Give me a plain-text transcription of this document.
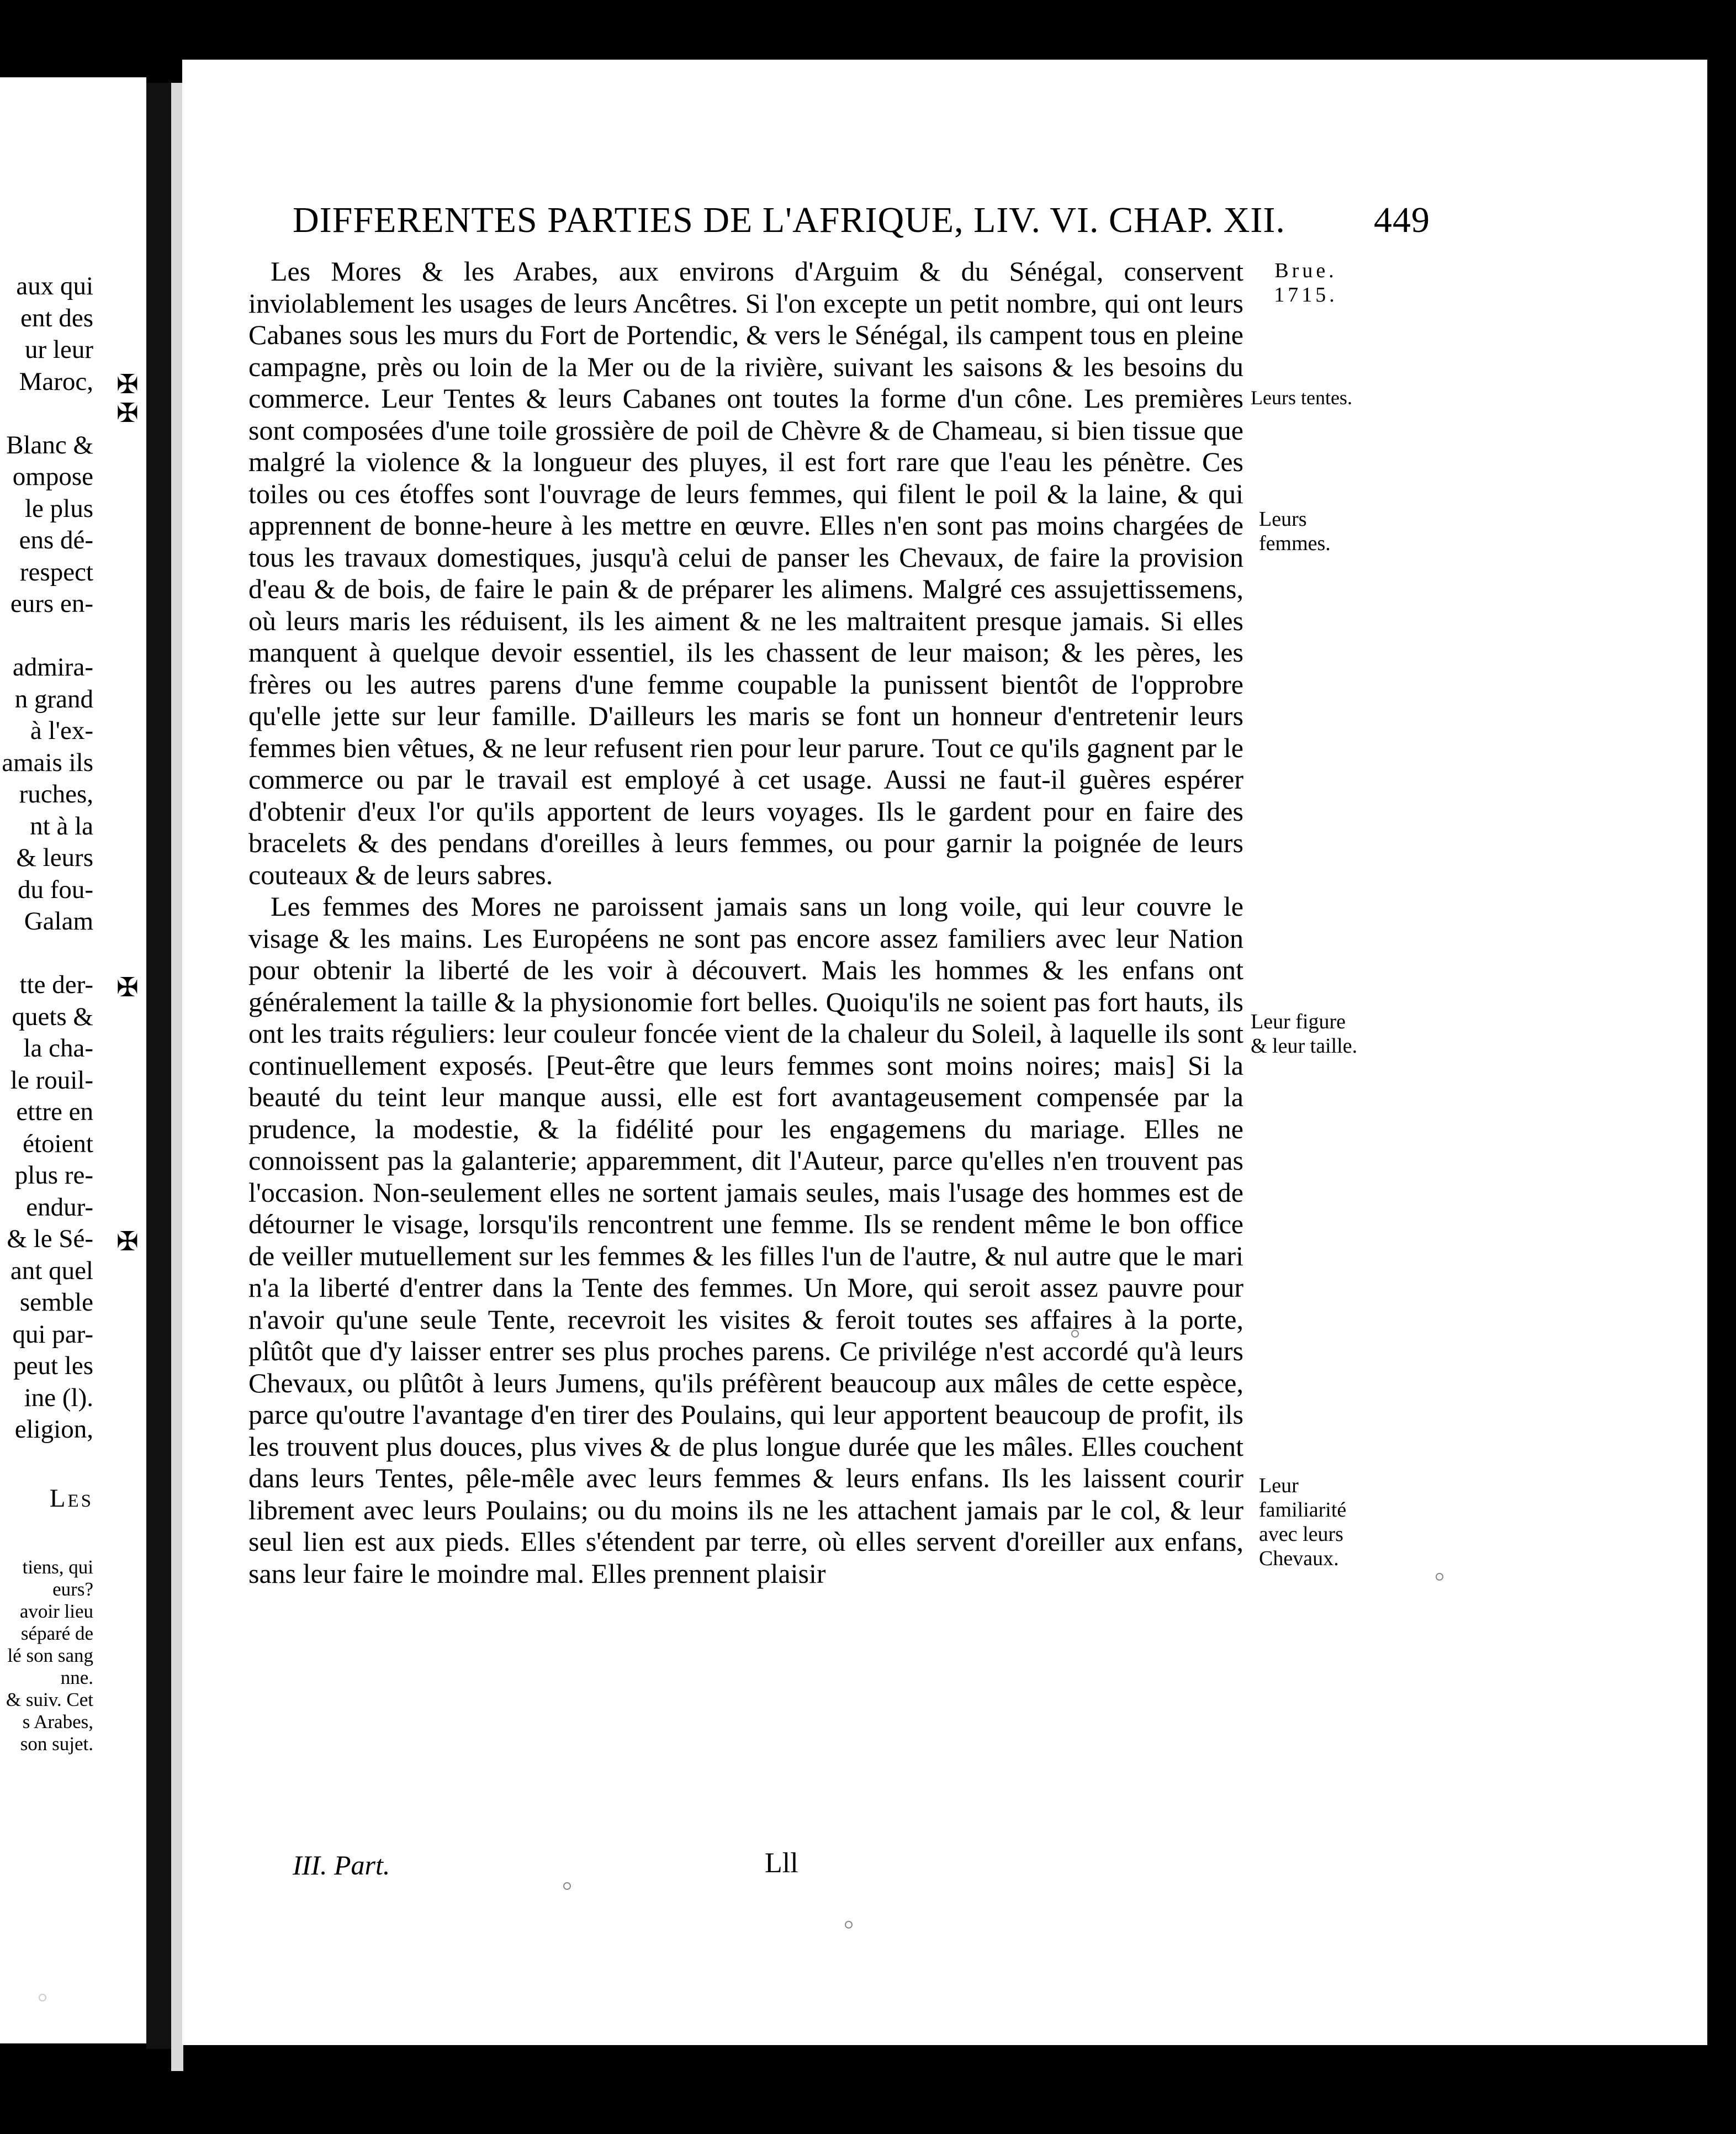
aux qui
ent des
ur leur
Maroc, ✠
✠
Blanc &
ompose
le plus
ens dé-
respect
eurs en-
admira-
n grand
à l'ex-
amais ils
ruches,
nt à la
& leurs
du fou-
Galam
tte der- ✠
quets &
la cha-
le rouil-
ettre en
étoient
plus re-
endur-
& le Sé- ✠
ant quel
semble
qui par-
peut les
ine (l).
eligion,
Les
tiens, qui
eurs?
avoir lieu
séparé de
lé son sang
nne.
& suiv. Cet
s Arabes,
son sujet.
DIFFERENTES PARTIES DE L'AFRIQUE, LIV. VI. CHAP. XII. 449
Brue.
1715.
Leurs tentes.
Leurs femmes.
Leur figure & leur taille.
Leur familiarité avec leurs Chevaux.

Les Mores & les Arabes, aux environs d'Arguim & du Sénégal, conservent inviolablement les usages de leurs Ancêtres. Si l'on excepte un petit nombre, qui ont leurs Cabanes sous les murs du Fort de Portendic, & vers le Sénégal, ils campent tous en pleine campagne, près ou loin de la Mer ou de la rivière, suivant les saisons & les besoins du commerce. Leur Tentes & leurs Cabanes ont toutes la forme d'un cône. Les premières sont composées d'une toile grossière de poil de Chèvre & de Chameau, si bien tissue que malgré la violence & la longueur des pluyes, il est fort rare que l'eau les pénètre. Ces toiles ou ces étoffes sont l'ouvrage de leurs femmes, qui filent le poil & la laine, & qui apprennent de bonne-heure à les mettre en œuvre. Elles n'en sont pas moins chargées de tous les travaux domestiques, jusqu'à celui de panser les Chevaux, de faire la provision d'eau & de bois, de faire le pain & de préparer les alimens. Malgré ces assujettissemens, où leurs maris les réduisent, ils les aiment & ne les maltraitent presque jamais. Si elles manquent à quelque devoir essentiel, ils les chassent de leur maison; & les pères, les frères ou les autres parens d'une femme coupable la punissent bientôt de l'opprobre qu'elle jette sur leur famille. D'ailleurs les maris se font un honneur d'entretenir leurs femmes bien vêtues, & ne leur refusent rien pour leur parure. Tout ce qu'ils gagnent par le commerce ou par le travail est employé à cet usage. Aussi ne faut-il guères espérer d'obtenir d'eux l'or qu'ils apportent de leurs voyages. Ils le gardent pour en faire des bracelets & des pendans d'oreilles à leurs femmes, ou pour garnir la poignée de leurs couteaux & de leurs sabres.

Les femmes des Mores ne paroissent jamais sans un long voile, qui leur couvre le visage & les mains. Les Européens ne sont pas encore assez familiers avec leur Nation pour obtenir la liberté de les voir à découvert. Mais les hommes & les enfans ont généralement la taille & la physionomie fort belles. Quoiqu'ils ne soient pas fort hauts, ils ont les traits réguliers: leur couleur foncée vient de la chaleur du Soleil, à laquelle ils sont continuellement exposés. [Peut-être que leurs femmes sont moins noires; mais] Si la beauté du teint leur manque aussi, elle est fort avantageusement compensée par la prudence, la modestie, & la fidélité pour les engagemens du mariage. Elles ne connoissent pas la galanterie; apparemment, dit l'Auteur, parce qu'elles n'en trouvent pas l'occasion. Non-seulement elles ne sortent jamais seules, mais l'usage des hommes est de détourner le visage, lorsqu'ils rencontrent une femme. Ils se rendent même le bon office de veiller mutuellement sur les femmes & les filles l'un de l'autre, & nul autre que le mari n'a la liberté d'entrer dans la Tente des femmes. Un More, qui seroit assez pauvre pour n'avoir qu'une seule Tente, recevroit les visites & feroit toutes ses affaires à la porte, plûtôt que d'y laisser entrer ses plus proches parens. Ce privilége n'est accordé qu'à leurs Chevaux, ou plûtôt à leurs Jumens, qu'ils préfèrent beaucoup aux mâles de cette espèce, parce qu'outre l'avantage d'en tirer des Poulains, qui leur apportent beaucoup de profit, ils les trouvent plus douces, plus vives & de plus longue durée que les mâles. Elles couchent dans leurs Tentes, pêle-mêle avec leurs femmes & leurs enfans. Ils les laissent courir librement avec leurs Poulains; ou du moins ils ne les attachent jamais par le col, & leur seul lien est aux pieds. Elles s'étendent par terre, où elles servent d'oreiller aux enfans, sans leur faire le moindre mal. Elles prennent plaisir

III. Part.	Lll
